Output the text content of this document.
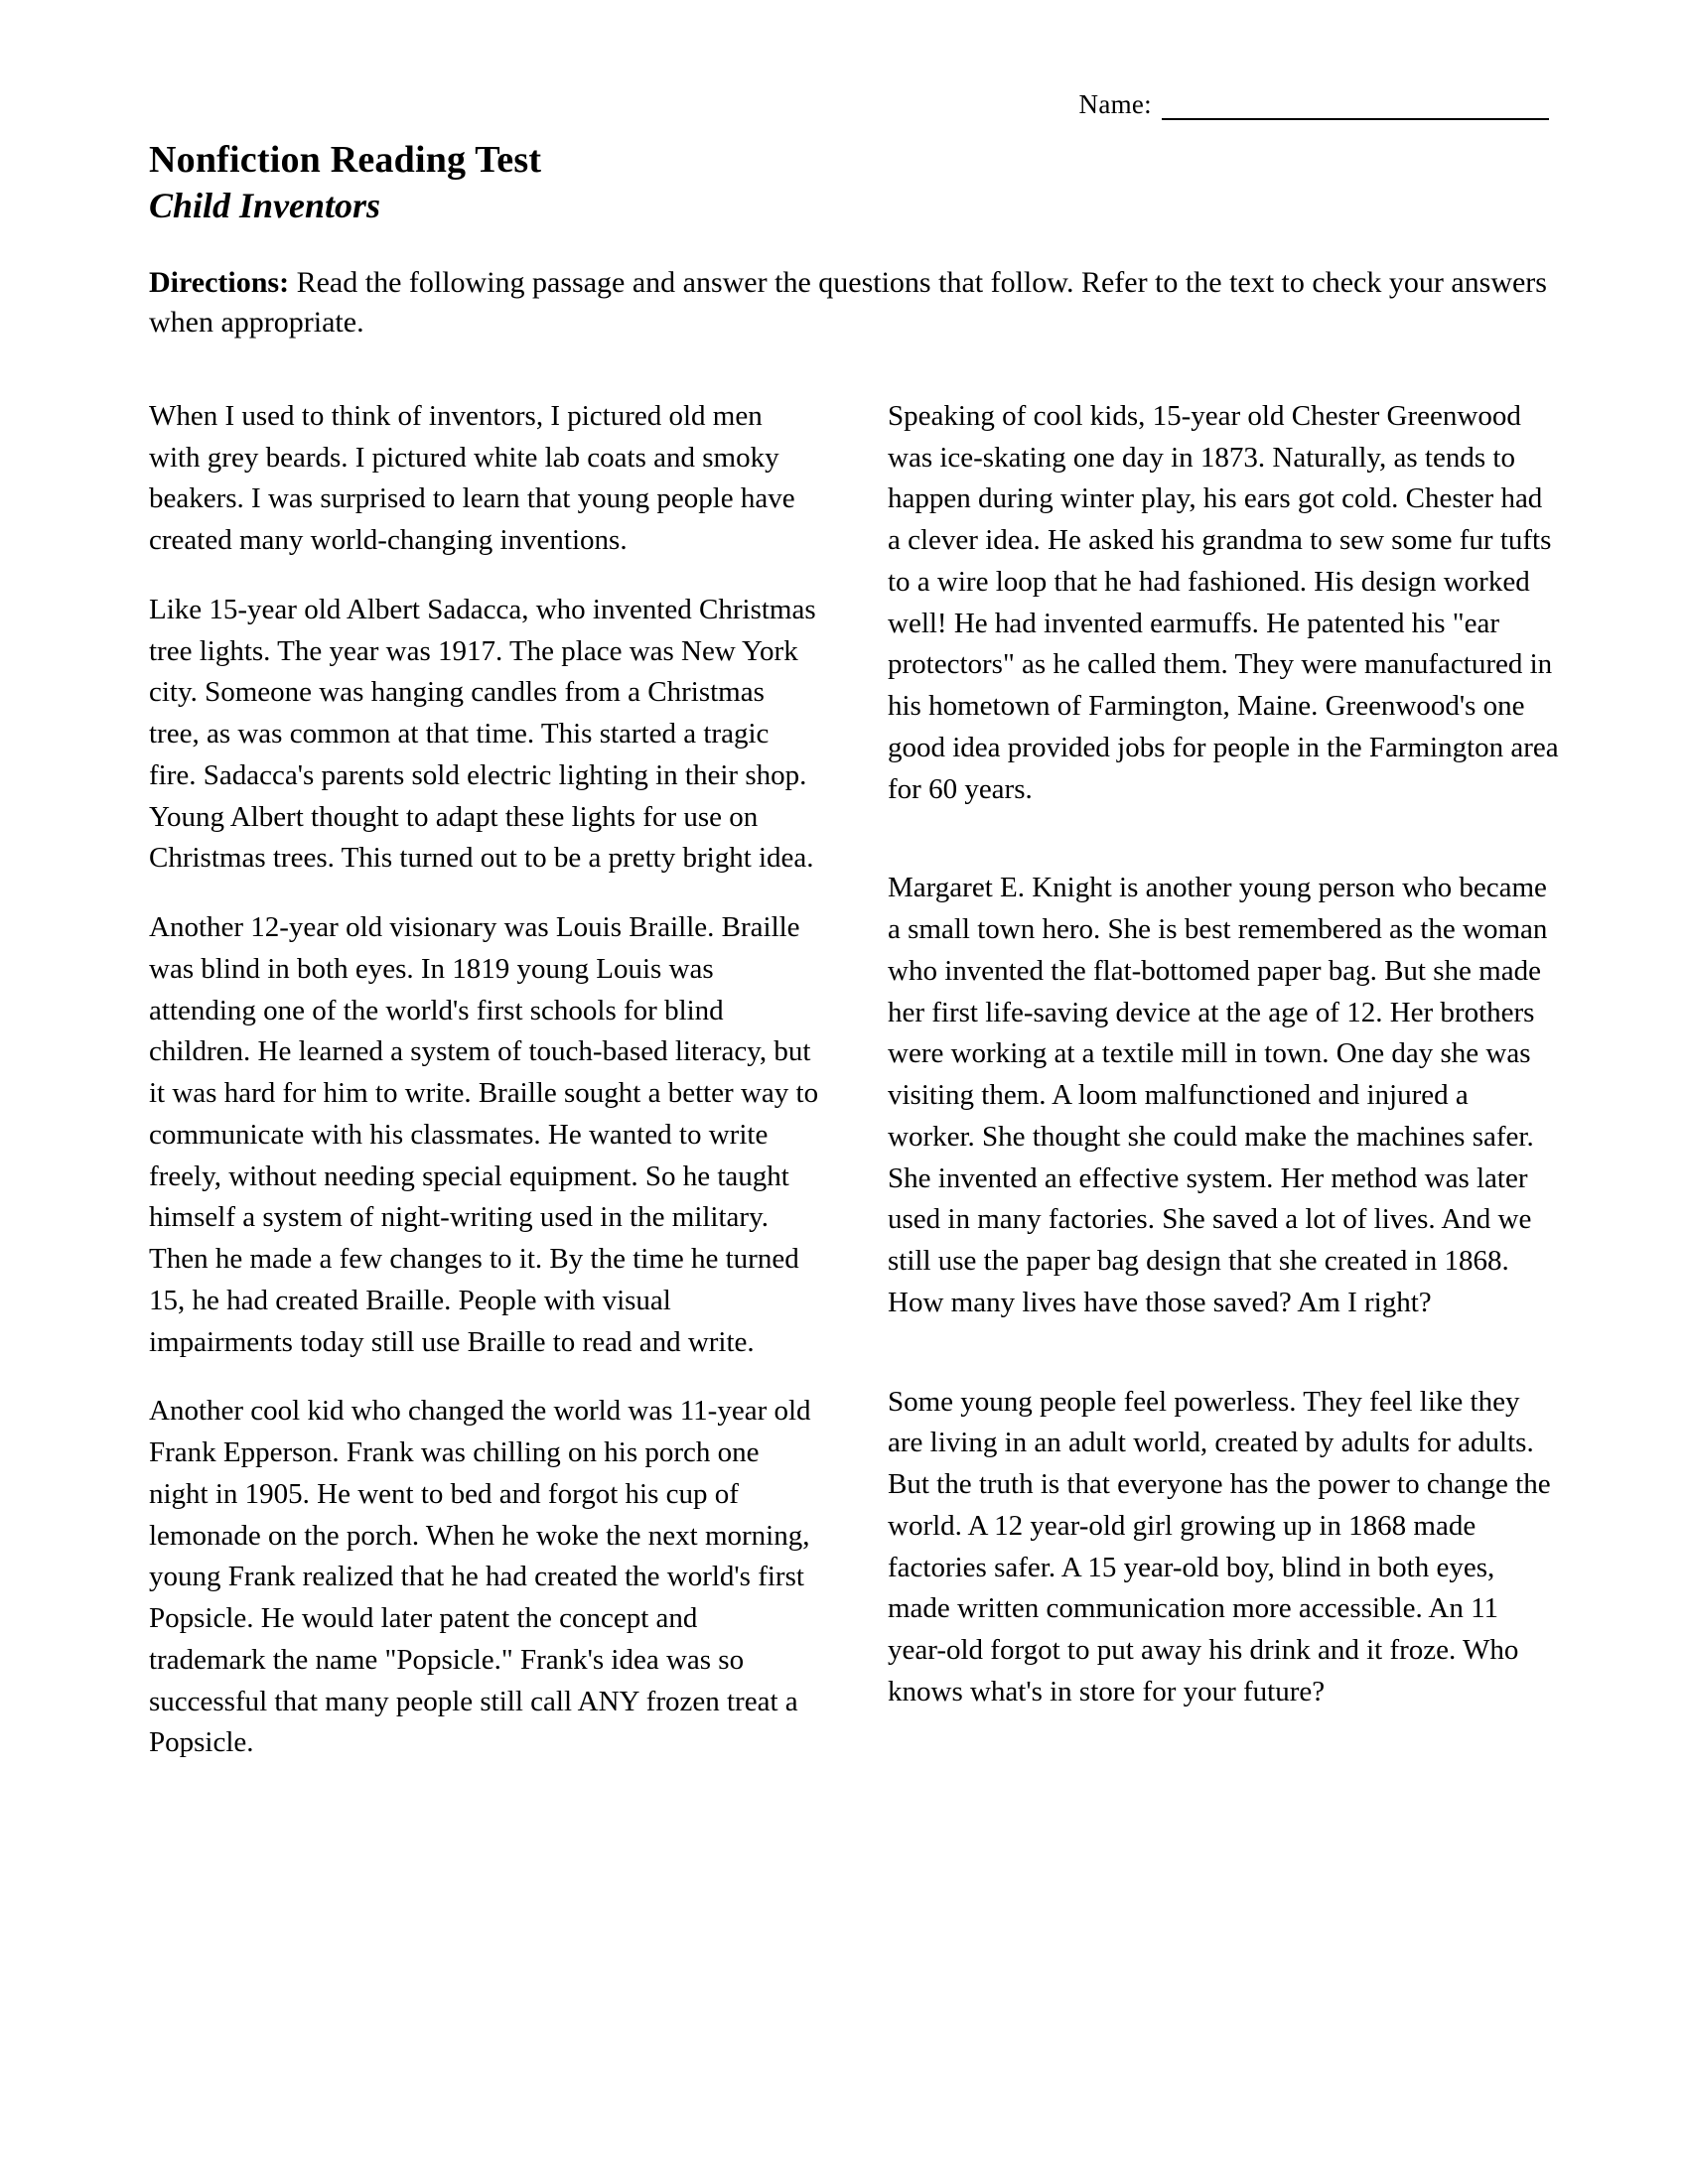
Name:
Nonfiction Reading Test
Child Inventors
Directions: Read the following passage and answer the questions that follow. Refer to the text to check your answers when appropriate.

When I used to think of inventors, I pictured old men with grey beards. I pictured white lab coats and smoky beakers. I was surprised to learn that young people have created many world-changing inventions.

Like 15-year old Albert Sadacca, who invented Christmas tree lights. The year was 1917. The place was New York city. Someone was hanging candles from a Christmas tree, as was common at that time. This started a tragic fire. Sadacca's parents sold electric lighting in their shop. Young Albert thought to adapt these lights for use on Christmas trees. This turned out to be a pretty bright idea.

Another 12-year old visionary was Louis Braille. Braille was blind in both eyes. In 1819 young Louis was attending one of the world's first schools for blind children. He learned a system of touch-based literacy, but it was hard for him to write. Braille sought a better way to communicate with his classmates. He wanted to write freely, without needing special equipment. So he taught himself a system of night-writing used in the military. Then he made a few changes to it. By the time he turned 15, he had created Braille. People with visual impairments today still use Braille to read and write.

Another cool kid who changed the world was 11-year old Frank Epperson. Frank was chilling on his porch one night in 1905. He went to bed and forgot his cup of lemonade on the porch. When he woke the next morning, young Frank realized that he had created the world's first Popsicle. He would later patent the concept and trademark the name "Popsicle." Frank's idea was so successful that many people still call ANY frozen treat a Popsicle.

Speaking of cool kids, 15-year old Chester Greenwood was ice-skating one day in 1873. Naturally, as tends to happen during winter play, his ears got cold. Chester had a clever idea. He asked his grandma to sew some fur tufts to a wire loop that he had fashioned. His design worked well! He had invented earmuffs. He patented his "ear protectors" as he called them. They were manufactured in his hometown of Farmington, Maine. Greenwood's one good idea provided jobs for people in the Farmington area for 60 years.

Margaret E. Knight is another young person who became a small town hero. She is best remembered as the woman who invented the flat-bottomed paper bag. But she made her first life-saving device at the age of 12. Her brothers were working at a textile mill in town. One day she was visiting them. A loom malfunctioned and injured a worker. She thought she could make the machines safer. She invented an effective system. Her method was later used in many factories. She saved a lot of lives. And we still use the paper bag design that she created in 1868. How many lives have those saved? Am I right?

Some young people feel powerless. They feel like they are living in an adult world, created by adults for adults. But the truth is that everyone has the power to change the world. A 12 year-old girl growing up in 1868 made factories safer. A 15 year-old boy, blind in both eyes, made written communication more accessible. An 11 year-old forgot to put away his drink and it froze. Who knows what's in store for your future?
